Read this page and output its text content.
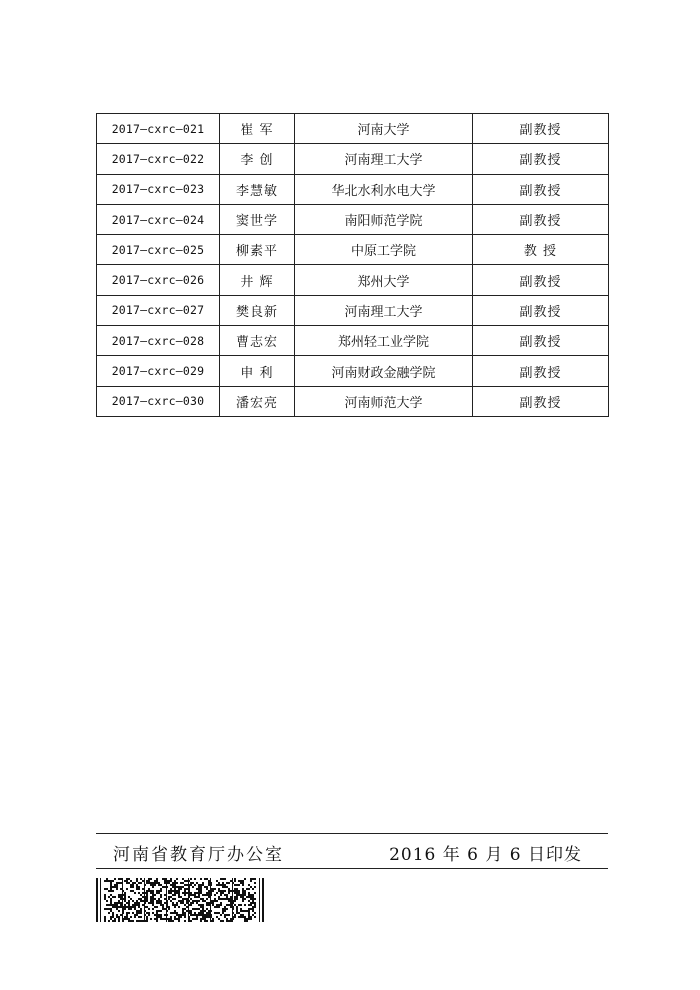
2017—cxrc—021	崔 军	河南大学	副教授
2017—cxrc—022	李 创	河南理工大学	副教授
2017—cxrc—023	李慧敏	华北水利水电大学	副教授
2017—cxrc—024	窦世学	南阳师范学院	副教授
2017—cxrc—025	柳素平	中原工学院	教 授
2017—cxrc—026	井 辉	郑州大学	副教授
2017—cxrc—027	樊良新	河南理工大学	副教授
2017—cxrc—028	曹志宏	郑州轻工业学院	副教授
2017—cxrc—029	申 利	河南财政金融学院	副教授
2017—cxrc—030	潘宏亮	河南师范大学	副教授
河南省教育厅办公室	2016 年 6 月 6 日印发
